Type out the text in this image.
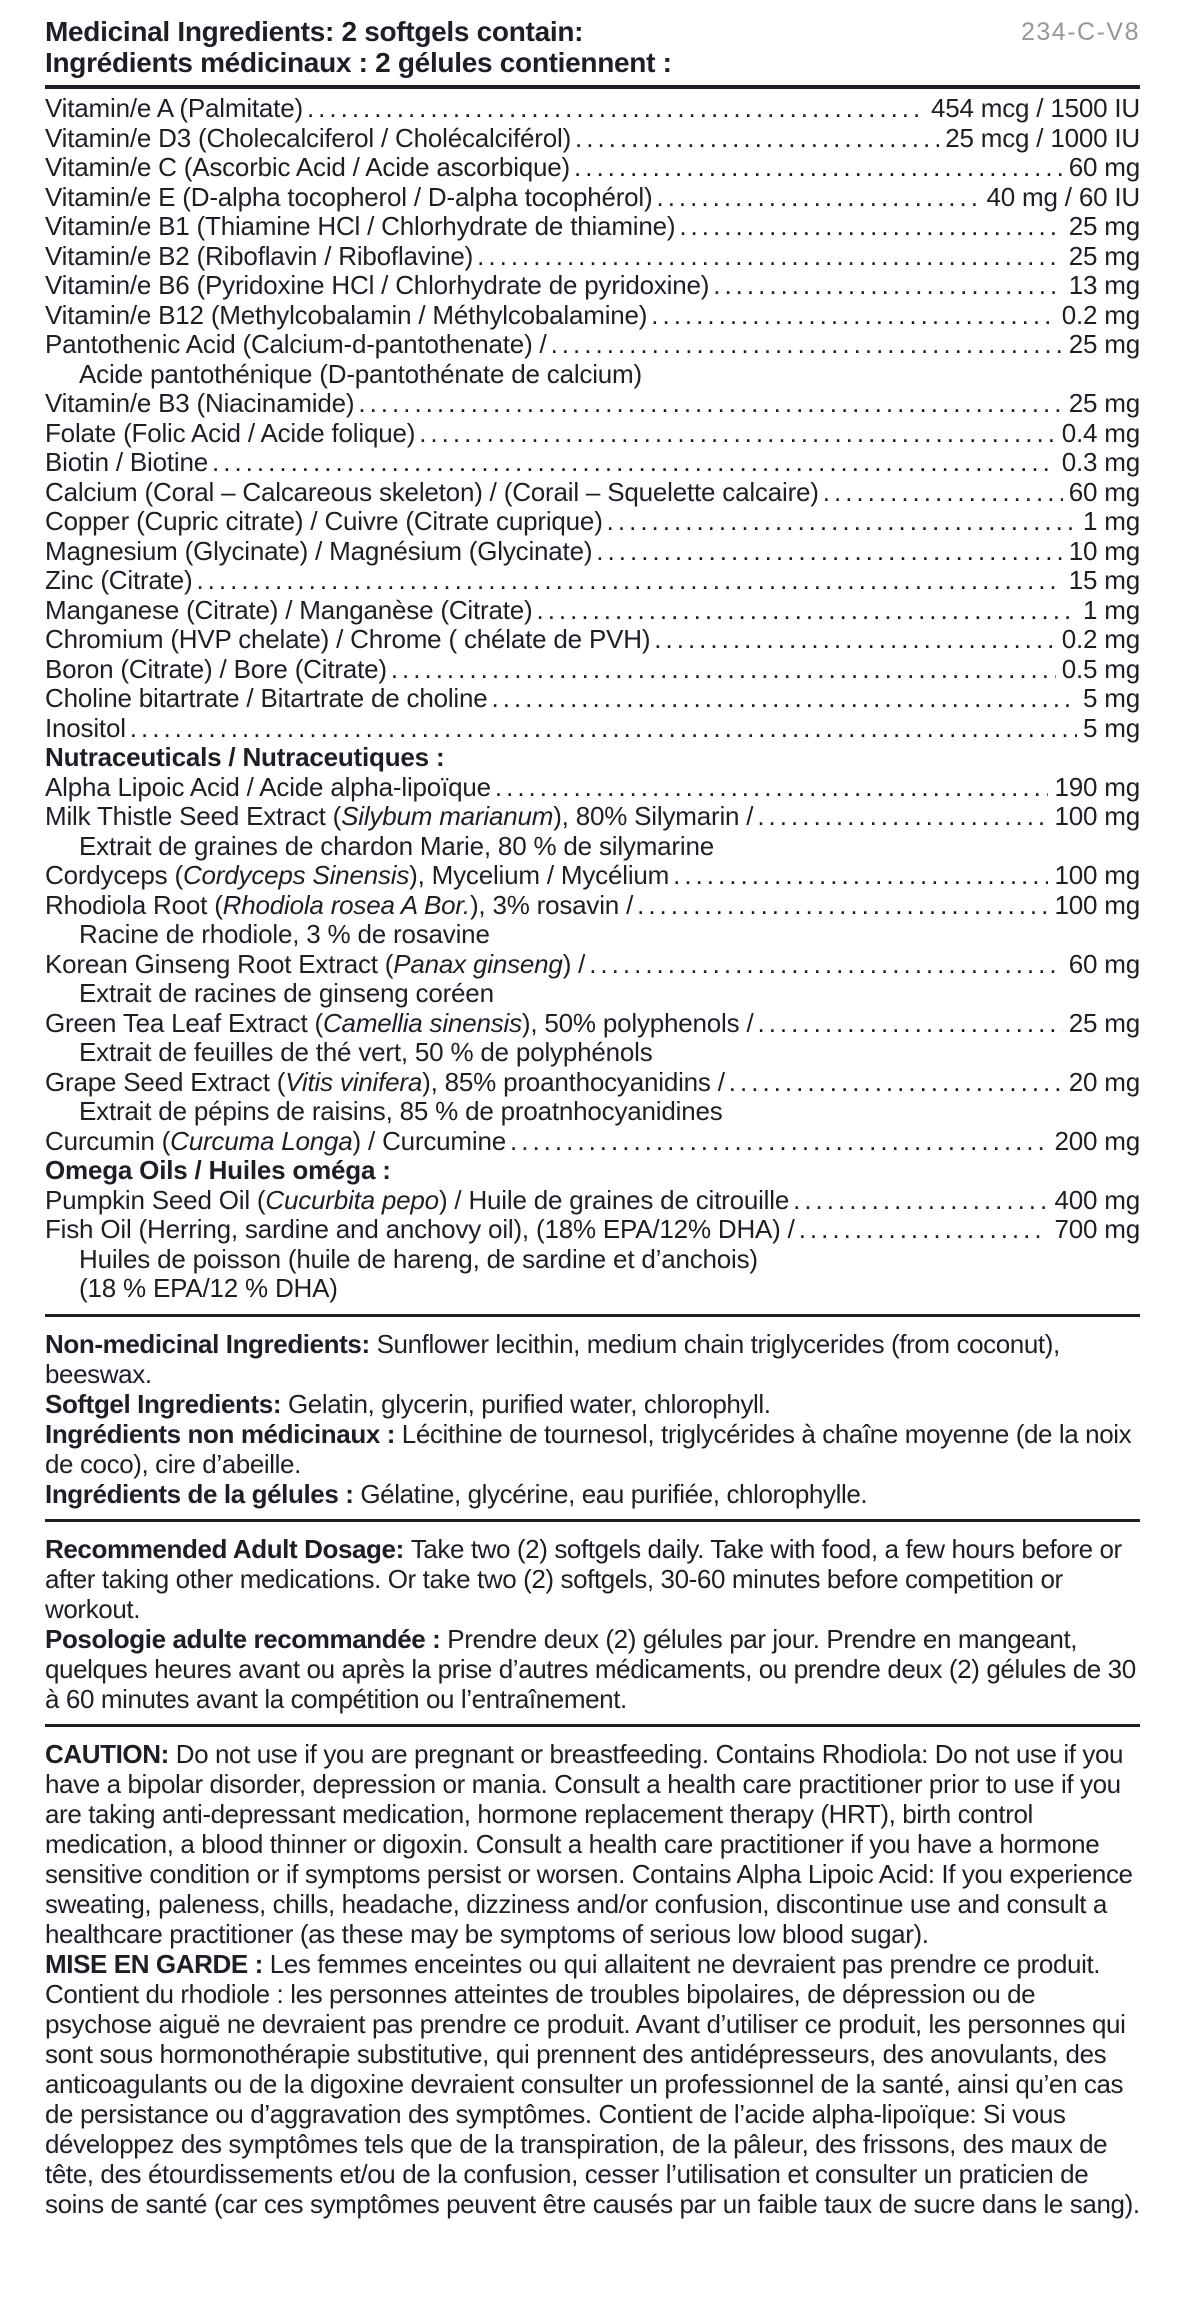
Medicinal Ingredients: 2 softgels contain:
Ingrédients médicinaux : 2 gélules contiennent :
234-C-V8
Vitamin/e A (Palmitate) .....	454 mcg / 1500 IU
Vitamin/e D3 (Cholecalciferol / Cholécalciférol) .....	25 mcg / 1000 IU
Vitamin/e C (Ascorbic Acid / Acide ascorbique) .....	60 mg
Vitamin/e E (D-alpha tocopherol / D-alpha tocophérol) .....	40 mg / 60 IU
Vitamin/e B1 (Thiamine HCl / Chlorhydrate de thiamine) .....	25 mg
Vitamin/e B2 (Riboflavin / Riboflavine) .....	25 mg
Vitamin/e B6 (Pyridoxine HCl / Chlorhydrate de pyridoxine) .....	13 mg
Vitamin/e B12 (Methylcobalamin / Méthylcobalamine) .....	0.2 mg
Pantothenic Acid (Calcium-d-pantothenate) / .....	25 mg
Acide pantothénique (D-pantothénate de calcium)
Vitamin/e B3 (Niacinamide) .....	25 mg
Folate (Folic Acid / Acide folique) .....	0.4 mg
Biotin / Biotine .....	0.3 mg
Calcium (Coral – Calcareous skeleton) / (Corail – Squelette calcaire) .....	60 mg
Copper (Cupric citrate) / Cuivre (Citrate cuprique) .....	1 mg
Magnesium (Glycinate) / Magnésium (Glycinate) .....	10 mg
Zinc (Citrate) .....	15 mg
Manganese (Citrate) / Manganèse (Citrate) .....	1 mg
Chromium (HVP chelate) / Chrome ( chélate de PVH) .....	0.2 mg
Boron (Citrate) / Bore (Citrate) .....	0.5 mg
Choline bitartrate / Bitartrate de choline .....	5 mg
Inositol .....	5 mg
Nutraceuticals / Nutraceutiques :
Alpha Lipoic Acid / Acide alpha-lipoïque .....	190 mg
Milk Thistle Seed Extract (Silybum marianum), 80% Silymarin / .....	100 mg
Extrait de graines de chardon Marie, 80 % de silymarine
Cordyceps (Cordyceps Sinensis), Mycelium / Mycélium .....	100 mg
Rhodiola Root (Rhodiola rosea A Bor.), 3% rosavin / .....	100 mg
Racine de rhodiole, 3 % de rosavine
Korean Ginseng Root Extract (Panax ginseng) / .....	60 mg
Extrait de racines de ginseng coréen
Green Tea Leaf Extract (Camellia sinensis), 50% polyphenols / .....	25 mg
Extrait de feuilles de thé vert, 50 % de polyphénols
Grape Seed Extract (Vitis vinifera), 85% proanthocyanidins / .....	20 mg
Extrait de pépins de raisins, 85 % de proatnhocyanidines
Curcumin (Curcuma Longa) / Curcumine .....	200 mg
Omega Oils / Huiles oméga :
Pumpkin Seed Oil (Cucurbita pepo) / Huile de graines de citrouille .....	400 mg
Fish Oil (Herring, sardine and anchovy oil), (18% EPA/12% DHA) / .....	700 mg
Huiles de poisson (huile de hareng, de sardine et d’anchois)
(18 % EPA/12 % DHA)

Non-medicinal Ingredients: Sunflower lecithin, medium chain triglycerides (from coconut), beeswax.

Softgel Ingredients: Gelatin, glycerin, purified water, chlorophyll.

Ingrédients non médicinaux : Lécithine de tournesol, triglycérides à chaîne moyenne (de la noix de coco), cire d’abeille.

Ingrédients de la gélules : Gélatine, glycérine, eau purifiée, chlorophylle.

Recommended Adult Dosage: Take two (2) softgels daily. Take with food, a few hours before or after taking other medications. Or take two (2) softgels, 30-60 minutes before competition or workout.

Posologie adulte recommandée : Prendre deux (2) gélules par jour. Prendre en mangeant, quelques heures avant ou après la prise d’autres médicaments, ou prendre deux (2) gélules de 30 à 60 minutes avant la compétition ou l’entraînement.

CAUTION: Do not use if you are pregnant or breastfeeding. Contains Rhodiola: Do not use if you have a bipolar disorder, depression or mania. Consult a health care practitioner prior to use if you are taking anti-depressant medication, hormone replacement therapy (HRT), birth control medication, a blood thinner or digoxin. Consult a health care practitioner if you have a hormone sensitive condition or if symptoms persist or worsen. Contains Alpha Lipoic Acid: If you experience sweating, paleness, chills, headache, dizziness and/or confusion, discontinue use and consult a healthcare practitioner (as these may be symptoms of serious low blood sugar).

MISE EN GARDE : Les femmes enceintes ou qui allaitent ne devraient pas prendre ce produit. Contient du rhodiole : les personnes atteintes de troubles bipolaires, de dépression ou de psychose aiguë ne devraient pas prendre ce produit. Avant d’utiliser ce produit, les personnes qui sont sous hormonothérapie substitutive, qui prennent des antidépresseurs, des anovulants, des anticoagulants ou de la digoxine devraient consulter un professionnel de la santé, ainsi qu’en cas de persistance ou d’aggravation des symptômes. Contient de l’acide alpha-lipoïque: Si vous développez des symptômes tels que de la transpiration, de la pâleur, des frissons, des maux de tête, des étourdissements et/ou de la confusion, cesser l’utilisation et consulter un praticien de soins de santé (car ces symptômes peuvent être causés par un faible taux de sucre dans le sang).
